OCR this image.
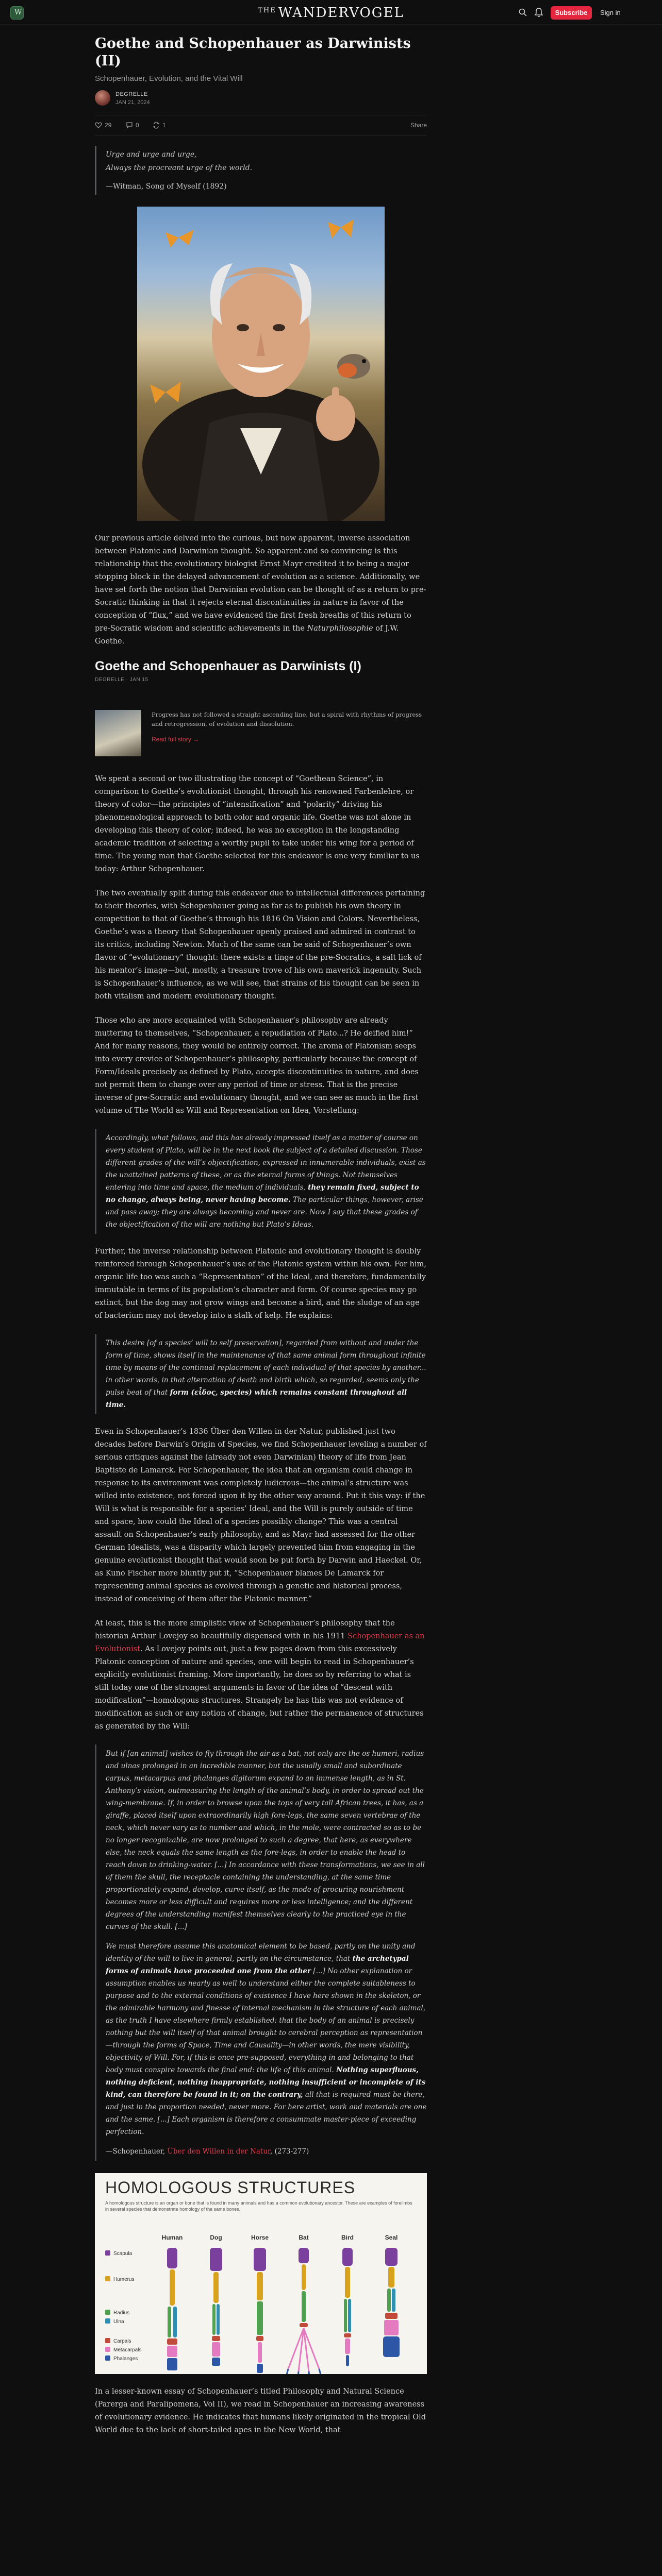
W	$^{THE}$ WANDERVOGEL	Subscribe	Sign in
Goethe and Schopenhauer as Darwinists (II)
Schopenhauer, Evolution, and the Vital Will
DEGRELLE
JAN 21, 2024
29	0	1	Share
Urge and urge and urge,
Always the procreant urge of the world.
—Witman, Song of Myself (1892)

Our previous article delved into the curious, but now apparent, inverse association between Platonic and Darwinian thought. So apparent and so convincing is this relationship that the evolutionary biologist Ernst Mayr credited it to being a major stopping block in the delayed advancement of evolution as a science. Additionally, we have set forth the notion that Darwinian evolution can be thought of as a return to pre-Socratic thinking in that it rejects eternal discontinuities in nature in favor of the conception of “flux,” and we have evidenced the first fresh breaths of this return to pre-Socratic wisdom and scientific achievements in the Naturphilosophie of J.W. Goethe.

Goethe and Schopenhauer as Darwinists (I)
DEGRELLE · JAN 15
Progress has not followed a straight ascending line, but a spiral with rhythms of progress and retrogression, of evolution and dissolution.
Read full story →

We spent a second or two illustrating the concept of “Goethean Science”, in comparison to Goethe’s evolutionist thought, through his renowned Farbenlehre, or theory of color—the principles of “intensification” and “polarity” driving his phenomenological approach to both color and organic life. Goethe was not alone in developing this theory of color; indeed, he was no exception in the longstanding academic tradition of selecting a worthy pupil to take under his wing for a period of time. The young man that Goethe selected for this endeavor is one very familiar to us today: Arthur Schopenhauer.

The two eventually split during this endeavor due to intellectual differences pertaining to their theories, with Schopenhauer going as far as to publish his own theory in competition to that of Goethe’s through his 1816 On Vision and Colors. Nevertheless, Goethe’s was a theory that Schopenhauer openly praised and admired in contrast to its critics, including Newton. Much of the same can be said of Schopenhauer’s own flavor of “evolutionary” thought: there exists a tinge of the pre-Socratics, a salt lick of his mentor’s image—but, mostly, a treasure trove of his own maverick ingenuity. Such is Schopenhauer’s influence, as we will see, that strains of his thought can be seen in both vitalism and modern evolutionary thought.

Those who are more acquainted with Schopenhauer’s philosophy are already muttering to themselves, “Schopenhauer, a repudiation of Plato...? He deified him!” And for many reasons, they would be entirely correct. The aroma of Platonism seeps into every crevice of Schopenhauer’s philosophy, particularly because the concept of Form/Ideals precisely as defined by Plato, accepts discontinuities in nature, and does not permit them to change over any period of time or stress. That is the precise inverse of pre-Socratic and evolutionary thought, and we can see as much in the first volume of The World as Will and Representation on Idea, Vorstellung:

Accordingly, what follows, and this has already impressed itself as a matter of course on every student of Plato, will be in the next book the subject of a detailed discussion. Those different grades of the will’s objectification, expressed in innumerable individuals, exist as the unattained patterns of these, or as the eternal forms of things. Not themselves entering into time and space, the medium of individuals, they remain fixed, subject to no change, always being, never having become. The particular things, however, arise and pass away; they are always becoming and never are. Now I say that these grades of the objectification of the will are nothing but Plato’s Ideas.

Further, the inverse relationship between Platonic and evolutionary thought is doubly reinforced through Schopenhauer’s use of the Platonic system within his own. For him, organic life too was such a “Representation” of the Ideal, and therefore, fundamentally immutable in terms of its population’s character and form. Of course species may go extinct, but the dog may not grow wings and become a bird, and the sludge of an age of bacterium may not develop into a stalk of kelp. He explains:

This desire [of a species’ will to self preservation], regarded from without and under the form of time, shows itself in the maintenance of that same animal form throughout infinite time by means of the continual replacement of each individual of that species by another... in other words, in that alternation of death and birth which, so regarded, seems only the pulse beat of that form (εἶδος, species) which remains constant throughout all time.

Even in Schopenhauer’s 1836 Über den Willen in der Natur, published just two decades before Darwin’s Origin of Species, we find Schopenhauer leveling a number of serious critiques against the (already not even Darwinian) theory of life from Jean Baptiste de Lamarck. For Schopenhauer, the idea that an organism could change in response to its environment was completely ludicrous—the animal’s structure was willed into existence, not forced upon it by the other way around. Put it this way: if the Will is what is responsible for a species’ Ideal, and the Will is purely outside of time and space, how could the Ideal of a species possibly change? This was a central assault on Schopenhauer’s early philosophy, and as Mayr had assessed for the other German Idealists, was a disparity which largely prevented him from engaging in the genuine evolutionist thought that would soon be put forth by Darwin and Haeckel. Or, as Kuno Fischer more bluntly put it, “Schopenhauer blames De Lamarck for representing animal species as evolved through a genetic and historical process, instead of conceiving of them after the Platonic manner.”

At least, this is the more simplistic view of Schopenhauer’s philosophy that the historian Arthur Lovejoy so beautifully dispensed with in his 1911 Schopenhauer as an Evolutionist. As Lovejoy points out, just a few pages down from this excessively Platonic conception of nature and species, one will begin to read in Schopenhauer’s explicitly evolutionist framing. More importantly, he does so by referring to what is still today one of the strongest arguments in favor of the idea of “descent with modification”—homologous structures. Strangely he has this was not evidence of modification as such or any notion of change, but rather the permanence of structures as generated by the Will:

But if [an animal] wishes to fly through the air as a bat, not only are the os humeri, radius and ulnas prolonged in an incredible manner, but the usually small and subordinate carpus, metacarpus and phalanges digitorum expand to an immense length, as in St. Anthony’s vision, outmeasuring the length of the animal’s body, in order to spread out the wing-membrane. If, in order to browse upon the tops of very tall African trees, it has, as a giraffe, placed itself upon extraordinarily high fore-legs, the same seven vertebrae of the neck, which never vary as to number and which, in the mole, were contracted so as to be no longer recognizable, are now prolonged to such a degree, that here, as everywhere else, the neck equals the same length as the fore-legs, in order to enable the head to reach down to drinking-water. [...] In accordance with these transformations, we see in all of them the skull, the receptacle containing the understanding, at the same time proportionately expand, develop, curve itself, as the mode of procuring nourishment becomes more or less difficult and requires more or less intelligence; and the different degrees of the understanding manifest themselves clearly to the practiced eye in the curves of the skull. [...]
We must therefore assume this anatomical element to be based, partly on the unity and identity of the will to live in general, partly on the circumstance, that the archetypal forms of animals have proceeded one from the other [...] No other explanation or assumption enables us nearly as well to understand either the complete suitableness to purpose and to the external conditions of existence I have here shown in the skeleton, or the admirable harmony and finesse of internal mechanism in the structure of each animal, as the truth I have elsewhere firmly established: that the body of an animal is precisely nothing but the will itself of that animal brought to cerebral perception as representation—through the forms of Space, Time and Causality—in other words, the mere visibility, objectivity of Will. For, if this is once pre-supposed, everything in and belonging to that body must conspire towards the final end: the life of this animal. Nothing superfluous, nothing deficient, nothing inappropriate, nothing insufficient or incomplete of its kind, can therefore be found in it; on the contrary, all that is required must be there, and just in the proportion needed, never more. For here artist, work and materials are one and the same. [...] Each organism is therefore a consummate master-piece of exceeding perfection.
—Schopenhauer, Über den Willen in der Natur, (273-277)
HOMOLOGOUS STRUCTURES
A homologous structure is an organ or bone that is found in many animals and has a common evolutionary ancestor. These are examples of forelimbs in several species that demonstrate homology of the same bones.
Human	Dog	Horse	Bat	Bird	Seal
Scapula
Humerus
Radius
Ulna
Carpals
Metacarpals
Phalanges

In a lesser-known essay of Schopenhauer’s titled Philosophy and Natural Science (Parerga and Paralipomena, Vol II), we read in Schopenhauer an increasing awareness of evolutionary evidence. He indicates that humans likely originated in the tropical Old World due to the lack of short-tailed apes in the New World, that
